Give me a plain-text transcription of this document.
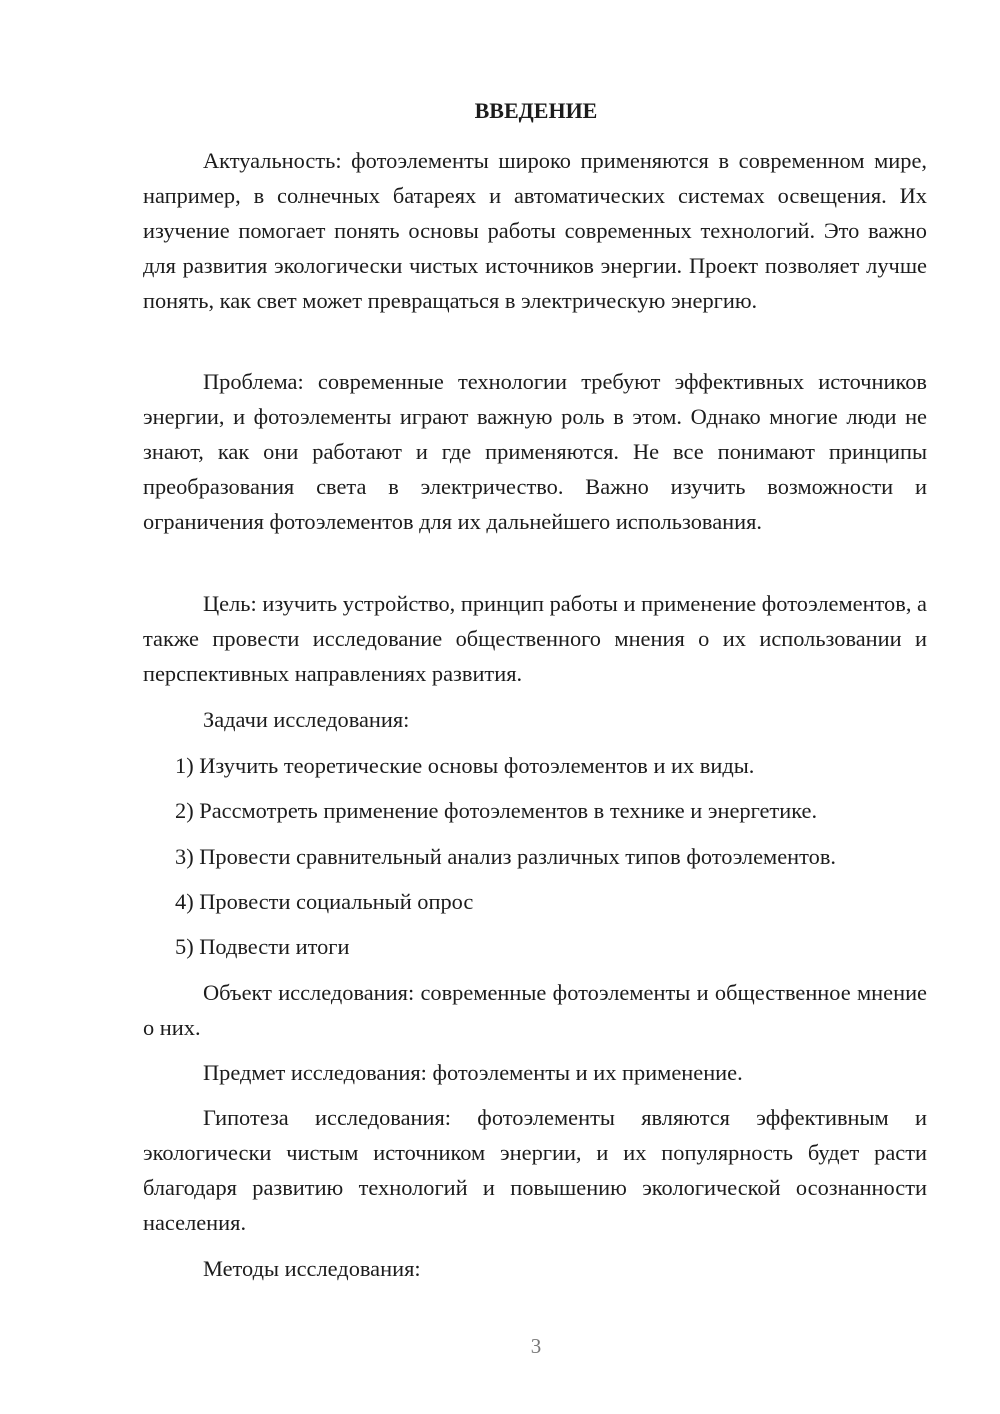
ВВЕДЕНИЕ

Актуальность: фотоэлементы широко применяются в современном мире, например, в солнечных батареях и автоматических системах освещения. Их изучение помогает понять основы работы современных технологий. Это важно для развития экологически чистых источников энергии. Проект позволяет лучше понять, как свет может превращаться в электрическую энергию.

Проблема: современные технологии требуют эффективных источников энергии, и фотоэлементы играют важную роль в этом. Однако многие люди не знают, как они работают и где применяются. Не все понимают принципы преобразования света в электричество. Важно изучить возможности и ограничения фотоэлементов для их дальнейшего использования.

Цель: изучить устройство, принцип работы и применение фотоэлементов, а также провести исследование общественного мнения о их использовании и перспективных направлениях развития.

Задачи исследования:

1) Изучить теоретические основы фотоэлементов и их виды.

2) Рассмотреть применение фотоэлементов в технике и энергетике.

3) Провести сравнительный анализ различных типов фотоэлементов.

4) Провести социальный опрос

5) Подвести итоги

Объект исследования: современные фотоэлементы и общественное мнение о них.

Предмет исследования: фотоэлементы и их применение.

Гипотеза исследования: фотоэлементы являются эффективным и экологически чистым источником энергии, и их популярность будет расти благодаря развитию технологий и повышению экологической осознанности населения.

Методы исследования:

3
